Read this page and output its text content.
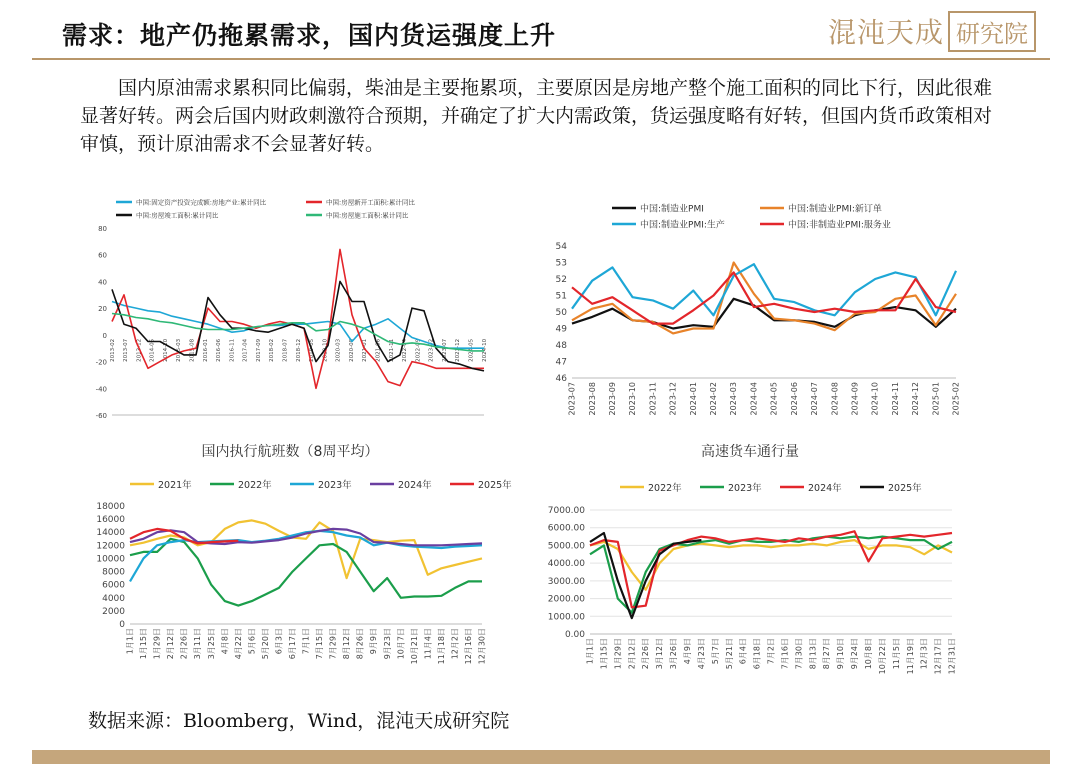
需求：地产仍拖累需求，国内货运强度上升	混沌天成 研究院
国内原油需求累积同比偏弱，柴油是主要拖累项，主要原因是房地产整个施工面积的同比下行，因此很难显著好转。两会后国内财政刺激符合预期，并确定了扩大内需政策，货运强度略有好转，但国内货币政策相对审慎，预计原油需求不会显著好转。
中国:固定资产投资完成额:房地产业:累计同比	中国:房屋新开工面积:累计同比
中国:房屋竣工面积:累计同比	中国:房屋施工面积:累计同比
-60
-40
-20
0
20
40
60
80
2013-02 2013-07 2013-12 2014-05 2014-10 2015-03 2015-08 2016-01 2016-06 2016-11 2017-04 2017-09 2018-02 2018-07 2018-12 2019-05 2019-10 2020-03 2020-08 2021-01 2021-06 2021-11 2022-04 2022-09 2023-02 2023-07 2023-12 2024-05 2024-10
中国:制造业PMI	中国:制造业PMI:新订单
中国:制造业PMI:生产	中国:非制造业PMI:服务业
46
47
48
49
50
51
52
53
54
2023-07 2023-08 2023-09 2023-10 2023-11 2023-12 2024-01 2024-02 2024-03 2024-04 2024-05 2024-06 2024-07 2024-08 2024-09 2024-10 2024-11 2024-12 2025-01 2025-02
国内执行航班数（8周平均）
2021年	2022年	2023年	2024年	2025年
0
2000
4000
6000
8000
10000
12000
14000
16000
18000
1月1日 1月15日 1月29日 2月12日 2月26日 3月11日 3月25日 4月8日 4月22日 5月6日 5月20日 6月3日 6月17日 7月1日 7月15日 7月29日 8月12日 8月26日 9月9日 9月23日 10月7日 10月21日 11月4日 11月18日 12月2日 12月16日 12月30日
高速货车通行量
2022年	2023年	2024年	2025年
0.00
1000.00
2000.00
3000.00
4000.00
5000.00
6000.00
7000.00
1月1日 1月15日 1月29日 2月12日 2月26日 3月12日 3月26日 4月9日 4月23日 5月7日 5月21日 6月4日 6月18日 7月2日 7月16日 7月30日 8月13日 8月27日 9月10日 9月24日 10月8日 10月22日 11月5日 11月19日 12月3日 12月17日 12月31日
数据来源：Bloomberg，Wind，混沌天成研究院
